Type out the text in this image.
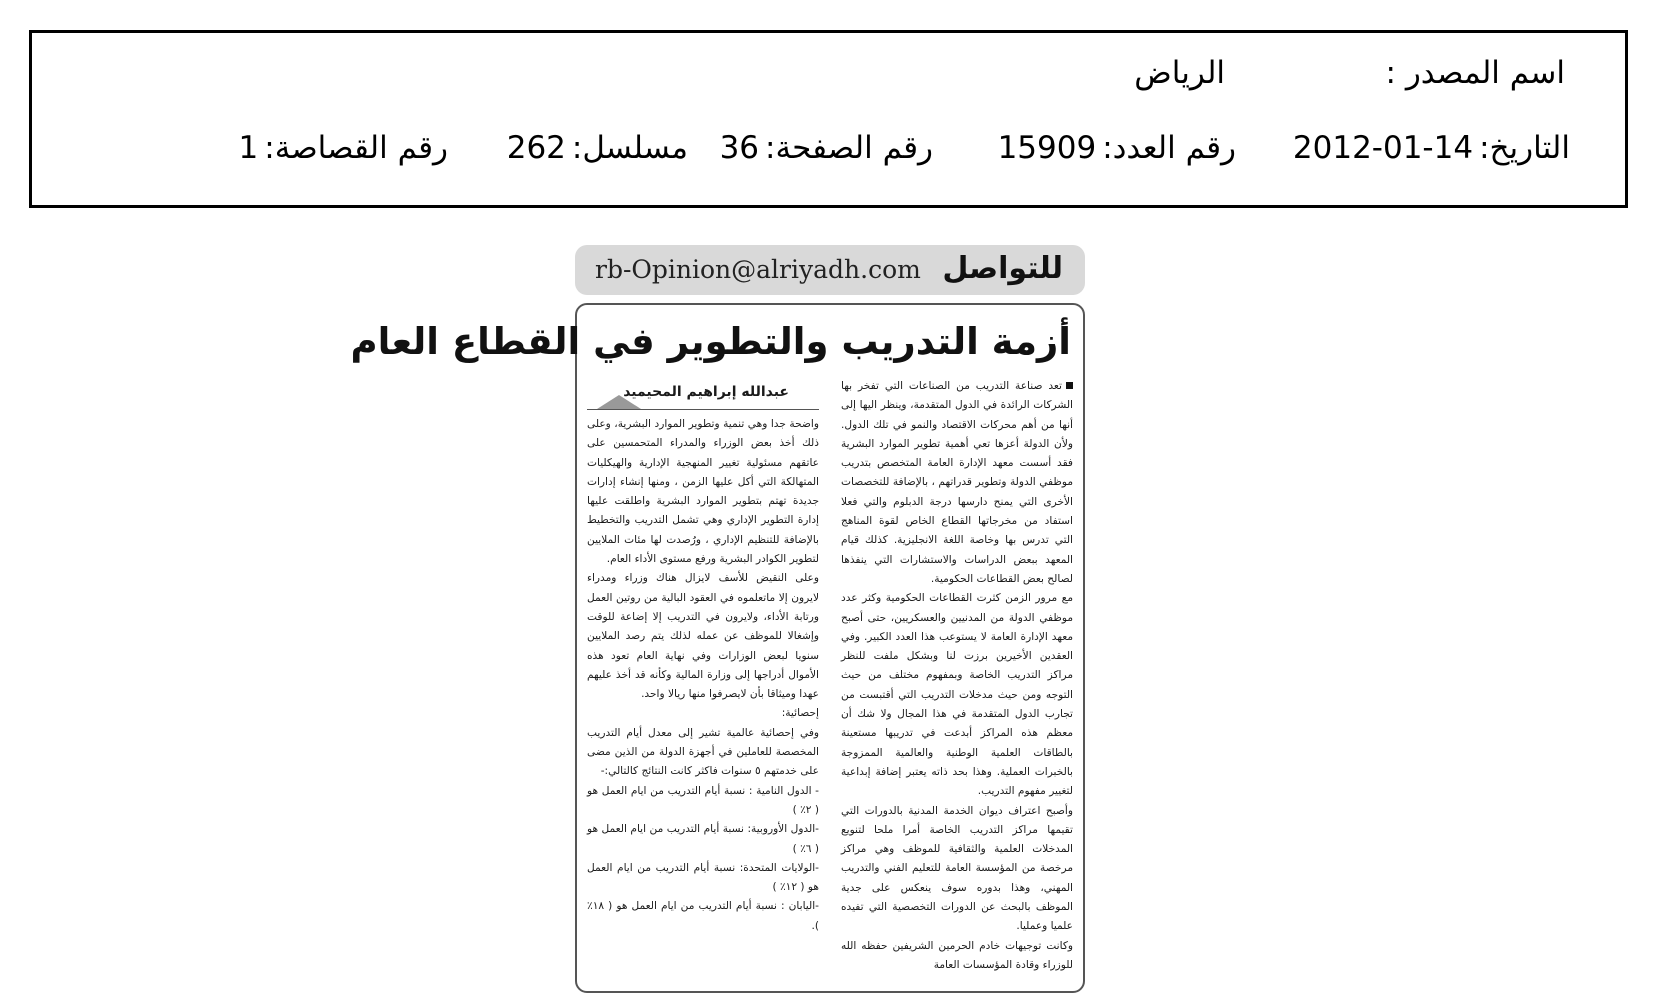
اسم المصدر :
الرياض
التاريخ:2012-01-14
رقم العدد:15909
رقم الصفحة:36
مسلسل:262
رقم القصاصة:1
للتواصل
rb-Opinion@alriyadh.com
أزمة التدريب والتطوير في القطاع العام

تعد صناعة التدريب من الصناعات التي تفخر بها الشركات الرائدة في الدول المتقدمة، وينظر اليها إلى أنها من أهم محركات الاقتصاد والنمو في تلك الدول. ولأن الدولة أعزها تعي أهمية تطوير الموارد البشرية فقد أسست معهد الإدارة العامة المتخصص بتدريب موظفي الدولة وتطوير قدراتهم ، بالإضافة للتخصصات الأخرى التي يمنح دارسها درجة الدبلوم والتي فعلا استفاد من مخرجاتها القطاع الخاص لقوة المناهج التي تدرس بها وخاصة اللغة الانجليزية. كذلك قيام المعهد ببعض الدراسات والاستشارات التي ينفذها لصالح بعض القطاعات الحكومية.

مع مرور الزمن كثرت القطاعات الحكومية وكثر عدد موظفي الدولة من المدنيين والعسكريين، حتى أصبح معهد الإدارة العامة لا يستوعب هذا العدد الكبير. وفي العقدين الأخيرين برزت لنا وبشكل ملفت للنظر مراكز التدريب الخاصة وبمفهوم مختلف من حيث التوجه ومن حيث مدخلات التدريب التي أقتبست من تجارب الدول المتقدمة في هذا المجال ولا شك أن معظم هذه المراكز أبدعت في تدريبها مستعينة بالطاقات العلمية الوطنية والعالمية الممزوجة بالخبرات العملية. وهذا بحد ذاته يعتبر إضافة إبداعية لتغيير مفهوم التدريب.

وأصبح اعتراف ديوان الخدمة المدنية بالدورات التي تقيمها مراكز التدريب الخاصة أمرا ملحا لتنويع المدخلات العلمية والثقافية للموظف وهي مراكز مرخصة من المؤسسة العامة للتعليم الفني والتدريب المهني، وهذا بدوره سوف ينعكس على جدية الموظف بالبحث عن الدورات التخصصية التي تفيده علميا وعمليا.

وكانت توجيهات خادم الحرمين الشريفين حفظه الله للوزراء وقادة المؤسسات العامة

عبدالله إبراهيم المحيميد

واضحة جدا وهي تنمية وتطوير الموارد البشرية، وعلى ذلك أخذ بعض الوزراء والمدراء المتحمسين على عاتقهم مسئولية تغيير المنهجية الإدارية والهيكليات المتهالكة التي أكل عليها الزمن ، ومنها إنشاء إدارات جديدة تهتم بتطوير الموارد البشرية واطلقت عليها إدارة التطوير الإداري وهي تشمل التدريب والتخطيط بالإضافة للتنظيم الإداري ، ورُصدت لها مئات الملايين لتطوير الكوادر البشرية ورفع مستوى الأداء العام.

وعلى النقيض للأسف لايزال هناك وزراء ومدراء لايرون إلا ماتعلموه في العقود البالية من روتين العمل ورتابة الأداء، ولايرون في التدريب إلا إضاعة للوقت وإشغالا للموظف عن عمله لذلك يتم رصد الملايين سنويا لبعض الوزارات وفي نهاية العام تعود هذه الأموال أدراجها إلى وزارة المالية وكأنه قد أخذ عليهم عهدا وميثاقا بأن لايصرفوا منها ريالا واحد.

إحصائية:

وفي إحصائية عالمية تشير إلى معدل أيام التدريب المخصصة للعاملين في أجهزة الدولة من الذين مضى على خدمتهم ٥ سنوات فاكثر كانت النتائج كالتالي:-

- الدول النامية : نسبة أيام التدريب من ايام العمل هو ( ٢٪ )

-الدول الأوروبية: نسبة أيام التدريب من ايام العمل هو ( ٦٪ )

-الولايات المتحدة: نسبة أيام التدريب من ايام العمل هو ( ١٢٪ )

-اليابان : نسبة أيام التدريب من ايام العمل هو ( ١٨٪ ).
